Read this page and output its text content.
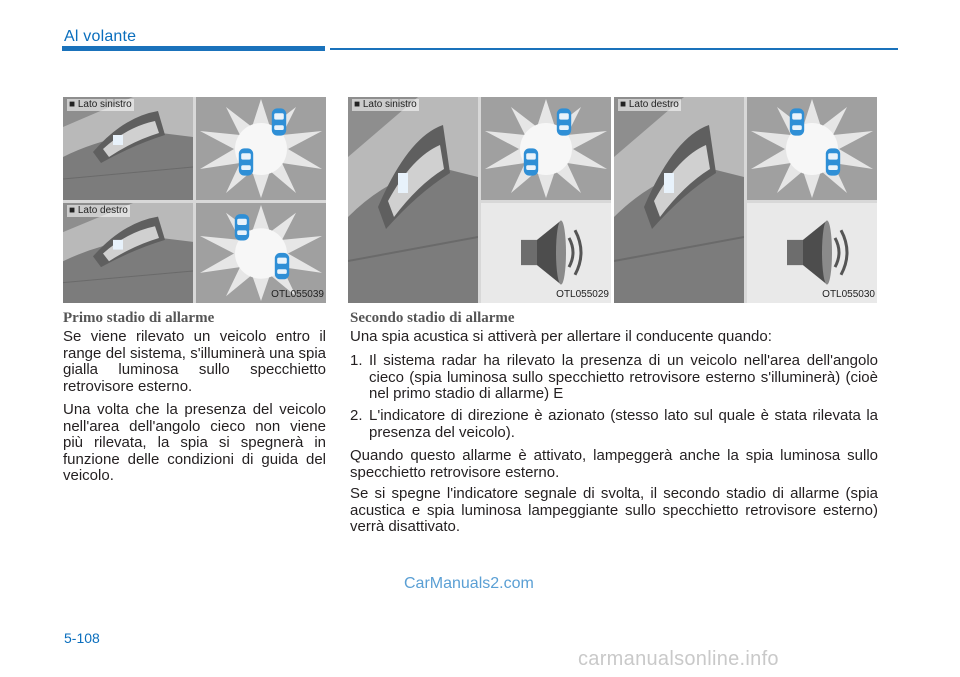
Al volante
■ Lato sinistro
■ Lato destro
OTL055039
■ Lato sinistro
OTL055029
■ Lato destro
OTL055030
Primo stadio di allarme

Se viene rilevato un veicolo entro il range del sistema, s'illuminerà una spia gialla luminosa sullo specchietto retrovisore esterno.

Una volta che la presenza del veicolo nell'area dell'angolo cieco non viene più rilevata, la spia si spegnerà in funzione delle condizioni di guida del veicolo.

Secondo stadio di allarme

Una spia acustica si attiverà per allertare il conducente quando:

1. Il sistema radar ha rilevato la presenza di un veicolo nell'area dell'angolo cieco (spia luminosa sullo specchietto retrovisore esterno s'illuminerà) (cioè nel primo stadio di allarme) E

2. L'indicatore di direzione è azionato (stesso lato sul quale è stata rilevata la presenza del veicolo).

Quando questo allarme è attivato, lampeggerà anche la spia luminosa sullo specchietto retrovisore esterno.

Se si spegne l'indicatore segnale di svolta, il secondo stadio di allarme (spia acustica e spia luminosa lampeggiante sullo specchietto retrovisore esterno) verrà disattivato.

CarManuals2.com
5-108
carmanualsonline.info
